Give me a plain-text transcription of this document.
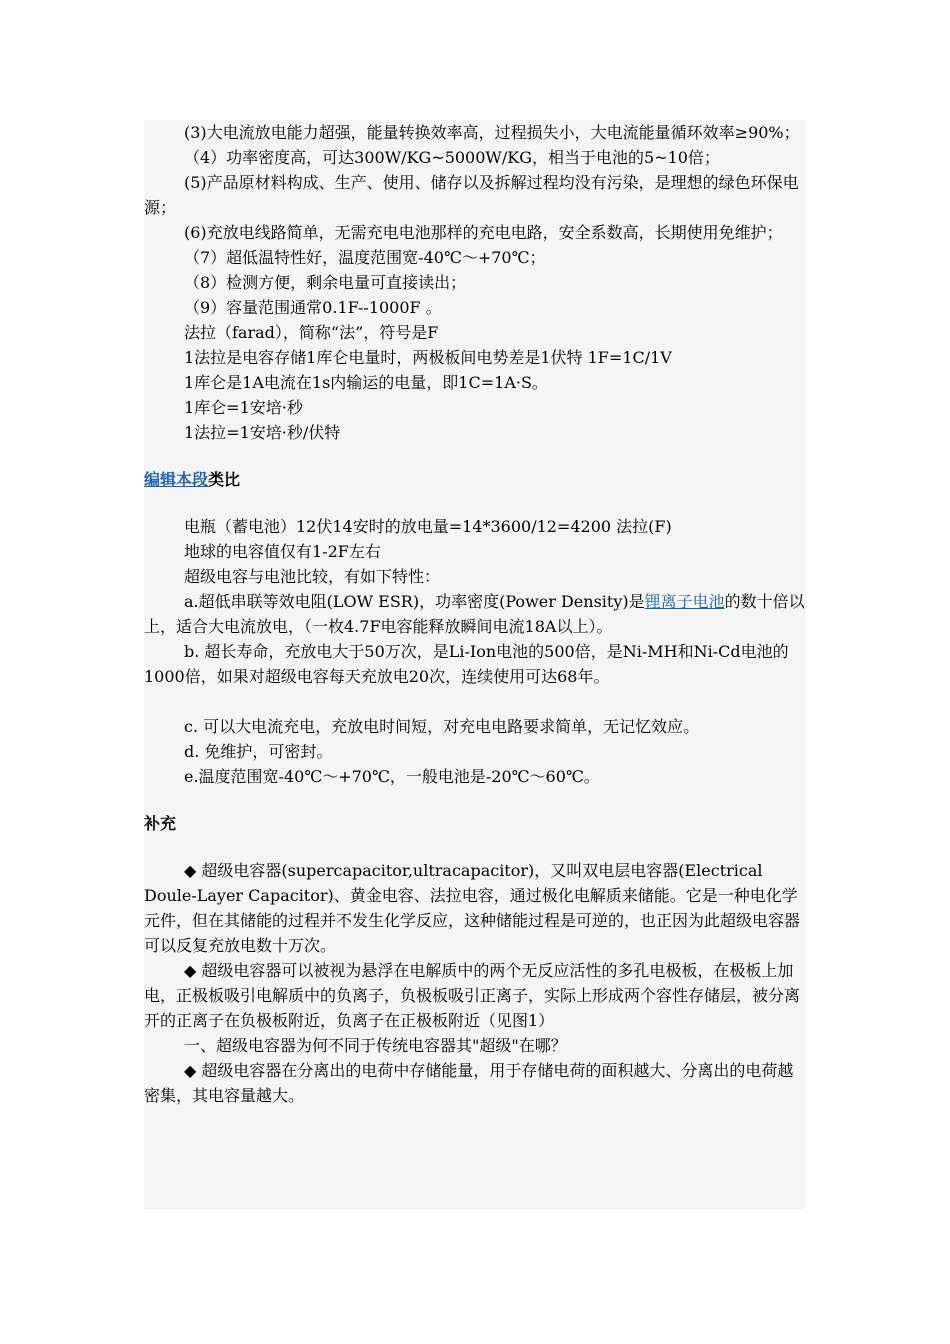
(3)大电流放电能力超强，能量转换效率高，过程损失小，大电流能量循环效率≥90%；

（4）功率密度高，可达300W/KG~5000W/KG，相当于电池的5~10倍；

(5)产品原材料构成、生产、使用、储存以及拆解过程均没有污染，是理想的绿色环保电源；

(6)充放电线路简单，无需充电电池那样的充电电路，安全系数高，长期使用免维护；

（7）超低温特性好，温度范围宽-40℃～+70℃；

（8）检测方便，剩余电量可直接读出；

（9）容量范围通常0.1F--1000F 。

法拉（farad），简称“法”，符号是F

1法拉是电容存储1库仑电量时，两极板间电势差是1伏特 1F=1C/1V

1库仑是1A电流在1s内输运的电量，即1C=1A·S。

1库仑=1安培·秒

1法拉=1安培·秒/伏特

编辑本段类比

电瓶（蓄电池）12伏14安时的放电量=14*3600/12=4200 法拉(F)

地球的电容值仅有1-2F左右

超级电容与电池比较，有如下特性：

a.超低串联等效电阻(LOW ESR)，功率密度(Power Density)是锂离子电池的数十倍以上，适合大电流放电，（一枚4.7F电容能释放瞬间电流18A以上）。

b. 超长寿命，充放电大于50万次，是Li-Ion电池的500倍，是Ni-MH和Ni-Cd电池的1000倍，如果对超级电容每天充放电20次，连续使用可达68年。

c. 可以大电流充电，充放电时间短，对充电电路要求简单，无记忆效应。

d. 免维护，可密封。

e.温度范围宽-40℃～+70℃，一般电池是-20℃～60℃。

补充

◆ 超级电容器(supercapacitor,ultracapacitor)，又叫双电层电容器(Electrical Doule-Layer Capacitor)、黄金电容、法拉电容，通过极化电解质来储能。它是一种电化学元件，但在其储能的过程并不发生化学反应，这种储能过程是可逆的，也正因为此超级电容器可以反复充放电数十万次。

◆ 超级电容器可以被视为悬浮在电解质中的两个无反应活性的多孔电极板，在极板上加电，正极板吸引电解质中的负离子，负极板吸引正离子，实际上形成两个容性存储层，被分离开的正离子在负极板附近，负离子在正极板附近（见图1）

一、超级电容器为何不同于传统电容器其"超级"在哪？

◆ 超级电容器在分离出的电荷中存储能量，用于存储电荷的面积越大、分离出的电荷越密集，其电容量越大。
